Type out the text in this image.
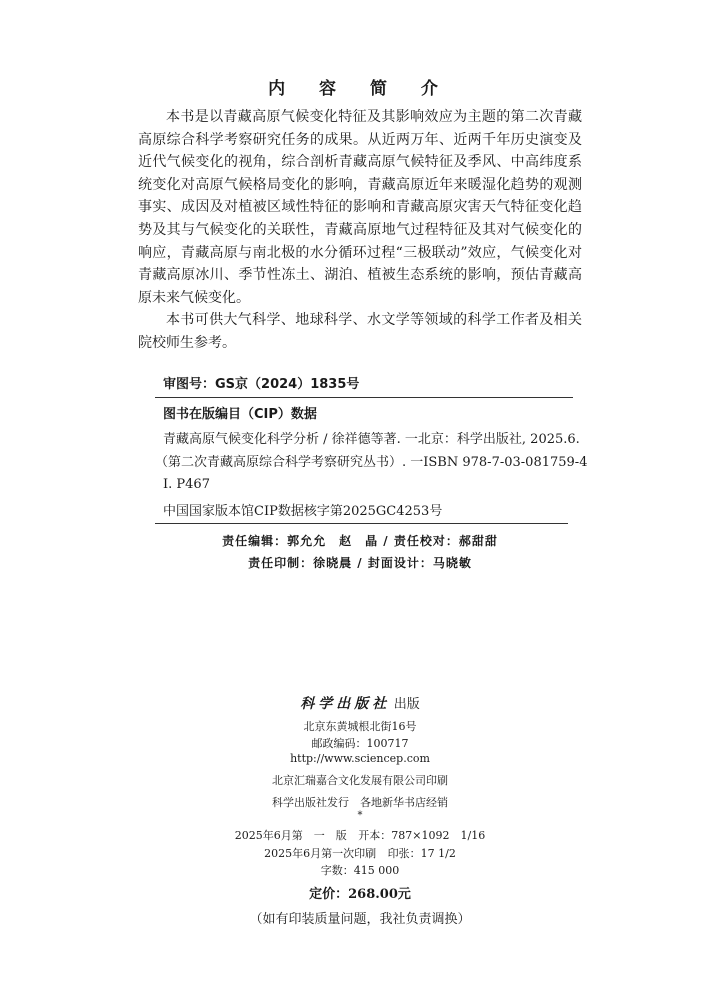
内 容 简 介

本书是以青藏高原气候变化特征及其影响效应为主题的第二次青藏高原综合科学考察研究任务的成果。从近两万年、近两千年历史演变及近代气候变化的视角，综合剖析青藏高原气候特征及季风、中高纬度系统变化对高原气候格局变化的影响，青藏高原近年来暖湿化趋势的观测事实、成因及对植被区域性特征的影响和青藏高原灾害天气特征变化趋势及其与气候变化的关联性，青藏高原地气过程特征及其对气候变化的响应，青藏高原与南北极的水分循环过程“三极联动”效应，气候变化对青藏高原冰川、季节性冻土、湖泊、植被生态系统的影响，预估青藏高原未来气候变化。

本书可供大气科学、地球科学、水文学等领域的科学工作者及相关院校师生参考。

审图号：GS京（2024）1835号
图书在版编目（CIP）数据
青藏高原气候变化科学分析 / 徐祥德等著. 一北京：科学出版社, 2025.6.
（第二次青藏高原综合科学考察研究丛书）. 一ISBN 978-7-03-081759-4
Ⅰ. P467
中国国家版本馆CIP数据核字第2025GC4253号
责任编辑：郭允允　赵　晶 / 责任校对：郝甜甜
责任印制：徐晓晨 / 封面设计：马晓敏
科学出版社 出版
北京东黄城根北街16号
邮政编码：100717
http://www.sciencep.com
北京汇瑞嘉合文化发展有限公司印刷
科学出版社发行　各地新华书店经销
*
2025年6月第　一　版 开本：787×1092　1/16
2025年6月第一次印刷 印张：17 1/2
字数：415 000
定价：268.00元
（如有印装质量问题，我社负责调换）
